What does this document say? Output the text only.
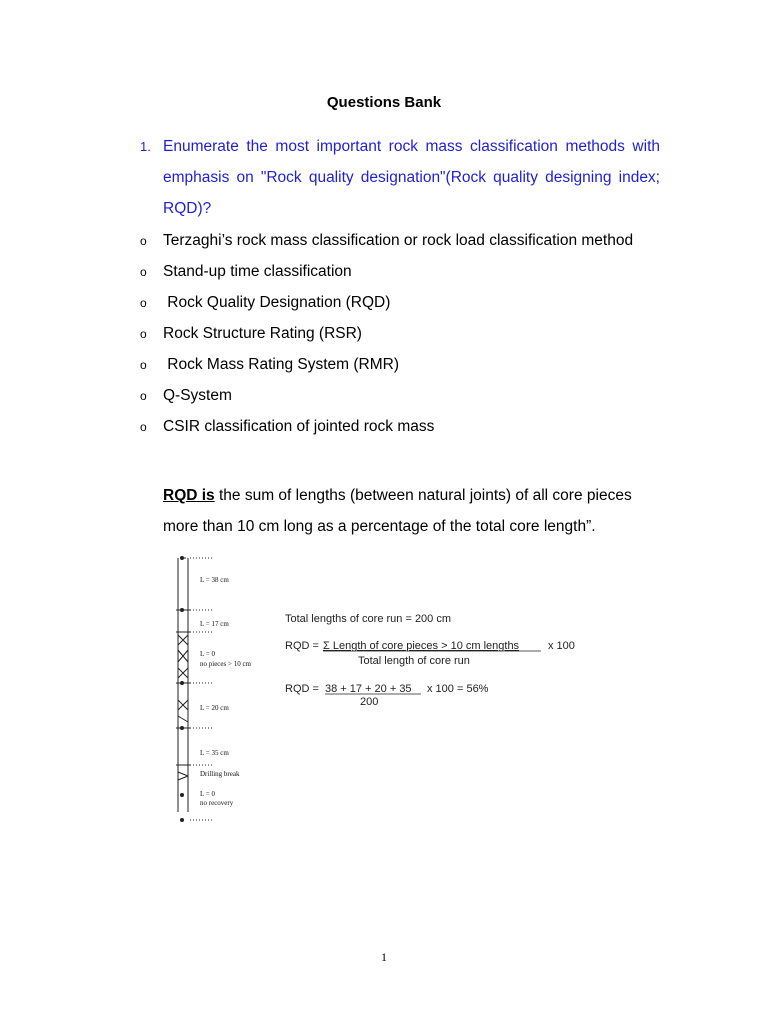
Questions Bank
1. Enumerate the most important rock mass classification methods with emphasis on "Rock quality designation"(Rock quality designing index; RQD)?
o Terzaghi’s rock mass classification or rock load classification method
o Stand-up time classification
o Rock Quality Designation (RQD)
o Rock Structure Rating (RSR)
o Rock Mass Rating System (RMR)
o Q-System
o CSIR classification of jointed rock mass
RQD is the sum of lengths (between natural joints) of all core pieces more than 10 cm long as a percentage of the total core length”.
L = 38 cm
L = 17 cm
L = 0
no pieces > 10 cm
L = 20 cm
L = 35 cm
Drilling break
L = 0
no recovery
Total lengths of core run = 200 cm
RQD = Σ Length of core pieces > 10 cm lengths	x 100
Total length of core run
RQD = 38 + 17 + 20 + 35 x 100 = 56%
200
1
